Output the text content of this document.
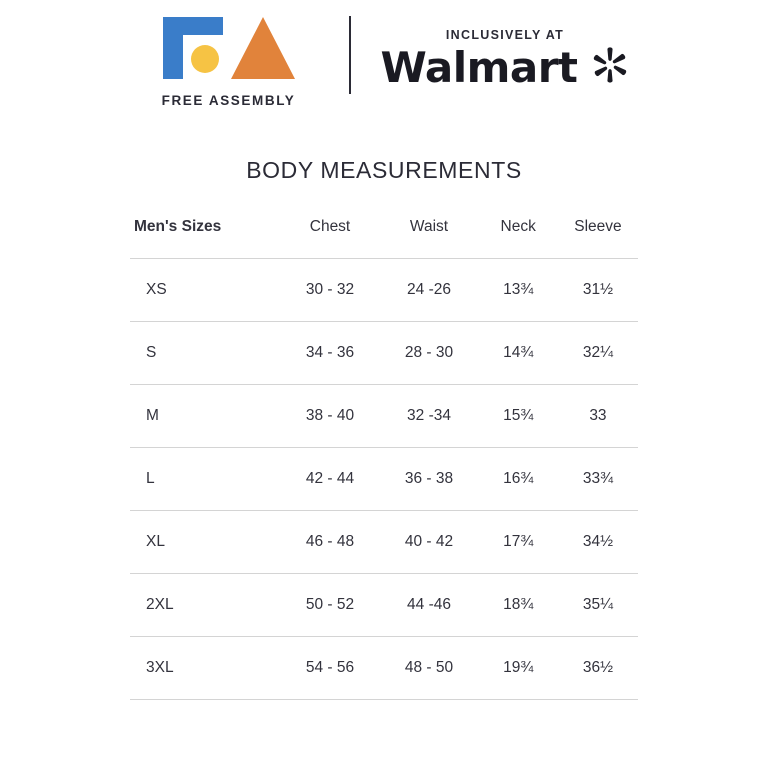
FREE ASSEMBLY
INCLUSIVELY AT
Walmart
BODY MEASUREMENTS
Men's Sizes	Chest	Waist	Neck	Sleeve
XS	30 - 32	24 -26	13¾	31½
S	34 - 36	28 - 30	14¾	32¼
M	38 - 40	32 -34	15¾	33
L	42 - 44	36 - 38	16¾	33¾
XL	46 - 48	40 - 42	17¾	34½
2XL	50 - 52	44 -46	18¾	35¼
3XL	54 - 56	48 - 50	19¾	36½
